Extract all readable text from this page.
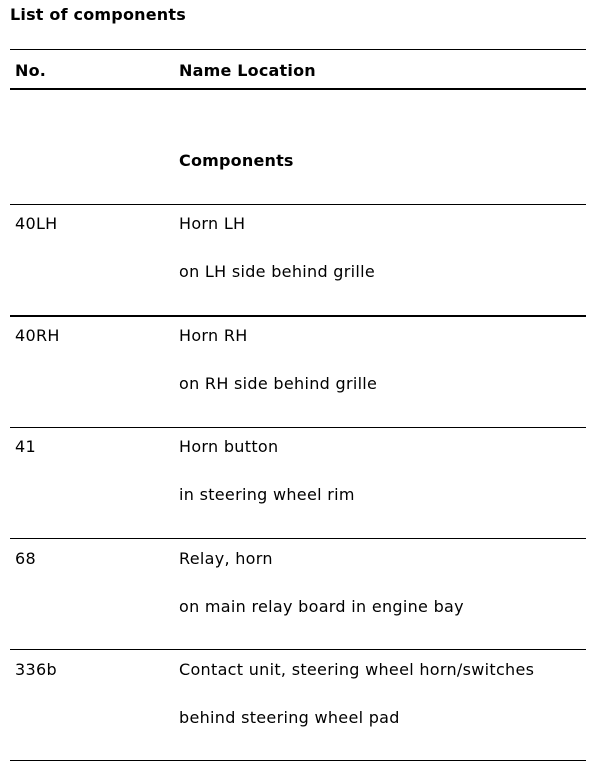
List of components
No.	Name Location
Components
40LH	Horn LH
on LH side behind grille
40RH	Horn RH
on RH side behind grille
41	Horn button
in steering wheel rim
68	Relay, horn
on main relay board in engine bay
336b	Contact unit, steering wheel horn/switches
behind steering wheel pad
